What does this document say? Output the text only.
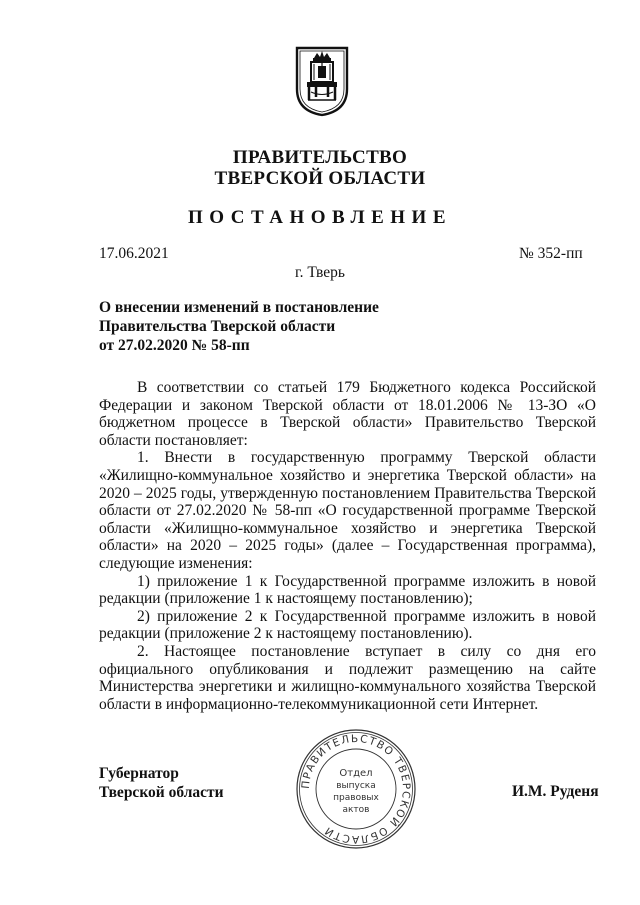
ПРАВИТЕЛЬСТВО
ТВЕРСКОЙ ОБЛАСТИ
ПОСТАНОВЛЕНИЕ
17.06.2021	№ 352-пп
г. Тверь
О внесении изменений в постановление
Правительства Тверской области
от 27.02.2020 № 58-пп

В соответствии со статьей 179 Бюджетного кодекса Российской Федерации и законом Тверской области от 18.01.2006 № 13-ЗО «О бюджетном процессе в Тверской области» Правительство Тверской области постановляет:

1. Внести в государственную программу Тверской области «Жилищно-коммунальное хозяйство и энергетика Тверской области» на 2020 – 2025 годы, утвержденную постановлением Правительства Тверской области от 27.02.2020 № 58-пп «О государственной программе Тверской области «Жилищно-коммунальное хозяйство и энергетика Тверской области» на 2020 – 2025 годы» (далее – Государственная программа), следующие изменения:

1) приложение 1 к Государственной программе изложить в новой редакции (приложение 1 к настоящему постановлению);

2) приложение 2 к Государственной программе изложить в новой редакции (приложение 2 к настоящему постановлению).

2. Настоящее постановление вступает в силу со дня его официального опубликования и подлежит размещению на сайте Министерства энергетики и жилищно-коммунального хозяйства Тверской области в информационно-телекоммуникационной сети Интернет.

Губернатор
Тверской области	И.М. Руденя
ПРАВИТЕЛЬСТВО ТВЕРСКОЙ ОБЛАСТИ
Отдел
выпуска
правовых
актов
